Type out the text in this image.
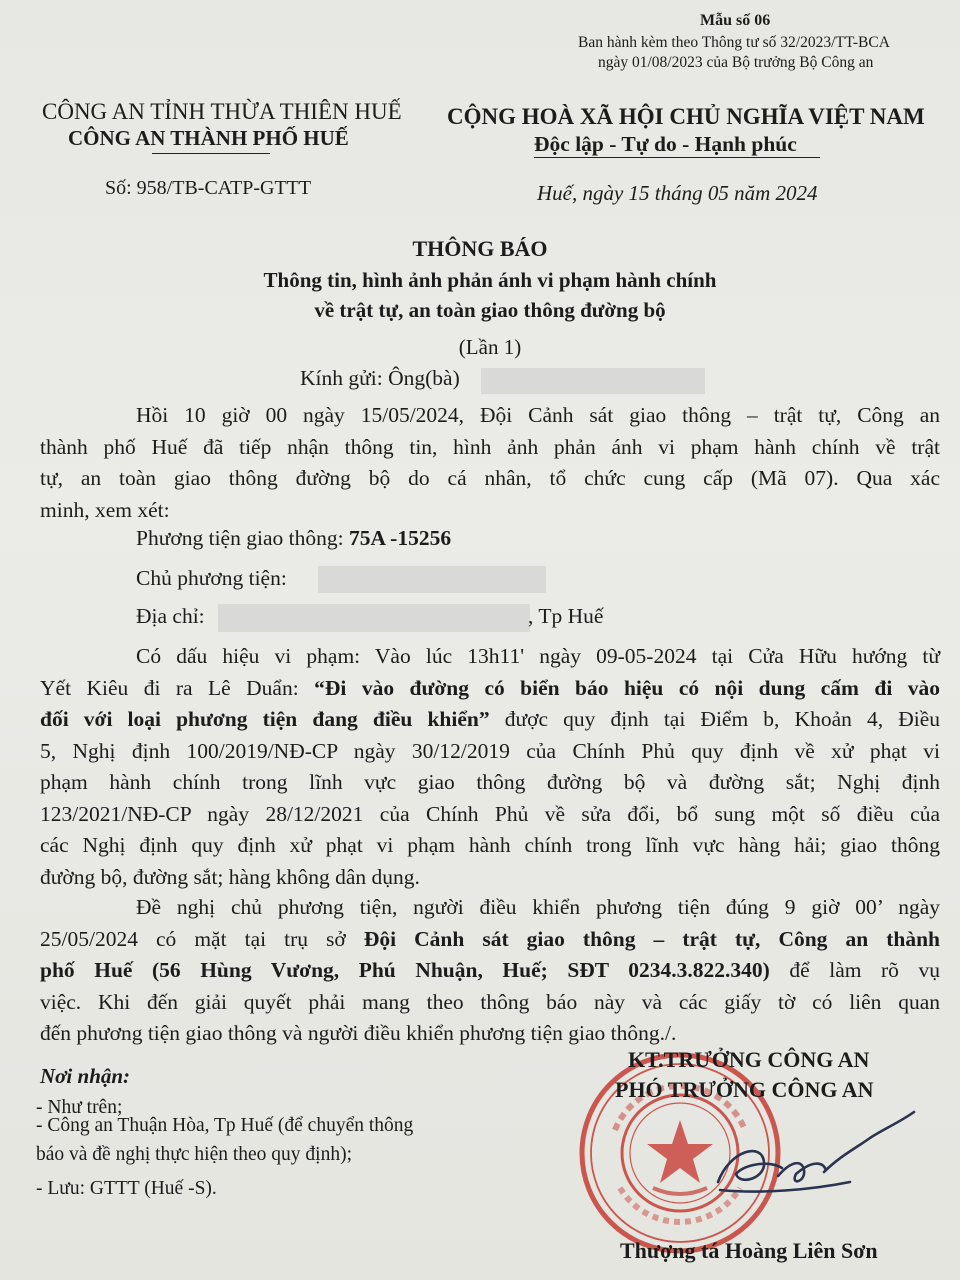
Mẫu số 06
Ban hành kèm theo Thông tư số 32/2023/TT-BCA
ngày 01/08/2023 của Bộ trưởng Bộ Công an
CÔNG AN TỈNH THỪA THIÊN HUẾ
CÔNG AN THÀNH PHỐ HUẾ
Số: 958/TB-CATP-GTTT
CỘNG HOÀ XÃ HỘI CHỦ NGHĨA VIỆT NAM
Độc lập - Tự do - Hạnh phúc
Huế, ngày 15 tháng 05 năm 2024
THÔNG BÁO
Thông tin, hình ảnh phản ánh vi phạm hành chính
về trật tự, an toàn giao thông đường bộ
(Lần 1)
Kính gửi: Ông(bà)
Hồi 10 giờ 00 ngày 15/05/2024, Đội Cảnh sát giao thông – trật tự, Công an
thành phố Huế đã tiếp nhận thông tin, hình ảnh phản ánh vi phạm hành chính về trật
tự, an toàn giao thông đường bộ do cá nhân, tổ chức cung cấp (Mã 07). Qua xác
minh, xem xét:
Phương tiện giao thông: 75A -15256
Chủ phương tiện:
Địa chỉ:	, Tp Huế
Có dấu hiệu vi phạm: Vào lúc 13h11' ngày 09-05-2024 tại Cửa Hữu hướng từ
Yết Kiêu đi ra Lê Duẩn: “Đi vào đường có biển báo hiệu có nội dung cấm đi vào
đối với loại phương tiện đang điều khiển” được quy định tại Điểm b, Khoản 4, Điều
5, Nghị định 100/2019/NĐ-CP ngày 30/12/2019 của Chính Phủ quy định về xử phạt vi
phạm hành chính trong lĩnh vực giao thông đường bộ và đường sắt; Nghị định
123/2021/NĐ-CP ngày 28/12/2021 của Chính Phủ về sửa đổi, bổ sung một số điều của
các Nghị định quy định xử phạt vi phạm hành chính trong lĩnh vực hàng hải; giao thông
đường bộ, đường sắt; hàng không dân dụng.
Đề nghị chủ phương tiện, người điều khiển phương tiện đúng 9 giờ 00’ ngày
25/05/2024 có mặt tại trụ sở Đội Cảnh sát giao thông – trật tự, Công an thành
phố Huế (56 Hùng Vương, Phú Nhuận, Huế; SĐT 0234.3.822.340) để làm rõ vụ
việc. Khi đến giải quyết phải mang theo thông báo này và các giấy tờ có liên quan
đến phương tiện giao thông và người điều khiển phương tiện giao thông./.
Nơi nhận:
- Như trên;
- Công an Thuận Hòa, Tp Huế (để chuyển thông
báo và đề nghị thực hiện theo quy định);
- Lưu: GTTT (Huế -S).
KT.TRƯỞNG CÔNG AN
PHÓ TRƯỞNG CÔNG AN
Thượng tá Hoàng Liên Sơn
